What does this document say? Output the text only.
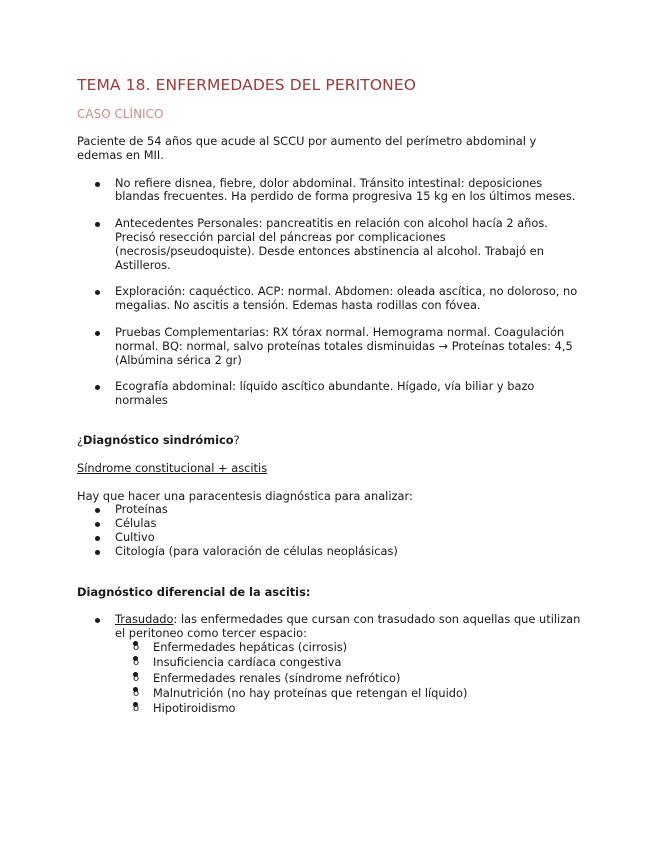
TEMA 18. ENFERMEDADES DEL PERITONEO
CASO CLÍNICO

Paciente de 54 años que acude al SCCU por aumento del perímetro abdominal y edemas en MII.

No refiere disnea, fiebre, dolor abdominal. Tránsito intestinal: deposiciones blandas frecuentes. Ha perdido de forma progresiva 15 kg en los últimos meses.
Antecedentes Personales: pancreatitis en relación con alcohol hacía 2 años. Precisó resección parcial del páncreas por complicaciones (necrosis/pseudoquiste). Desde entonces abstinencia al alcohol. Trabajó en Astilleros.
Exploración: caquéctico. ACP: normal. Abdomen: oleada ascítica, no doloroso, no megalias. No ascitis a tensión. Edemas hasta rodillas con fóvea.
Pruebas Complementarias: RX tórax normal. Hemograma normal. Coagulación normal. BQ: normal, salvo proteínas totales disminuidas → Proteínas totales: 4,5 (Albúmina sérica 2 gr)
Ecografía abdominal: líquido ascítico abundante. Hígado, vía biliar y bazo normales

¿Diagnóstico sindrómico?

Síndrome constitucional + ascitis

Hay que hacer una paracentesis diagnóstica para analizar:

Proteínas
Células
Cultivo
Citología (para valoración de células neoplásicas)

Diagnóstico diferencial de la ascitis:

Trasudado: las enfermedades que cursan con trasudado son aquellas que utilizan el peritoneo como tercer espacio:
o Enfermedades hepáticas (cirrosis)
o Insuficiencia cardíaca congestiva
o Enfermedades renales (síndrome nefrótico)
o Malnutrición (no hay proteínas que retengan el líquido)
o Hipotiroidismo
